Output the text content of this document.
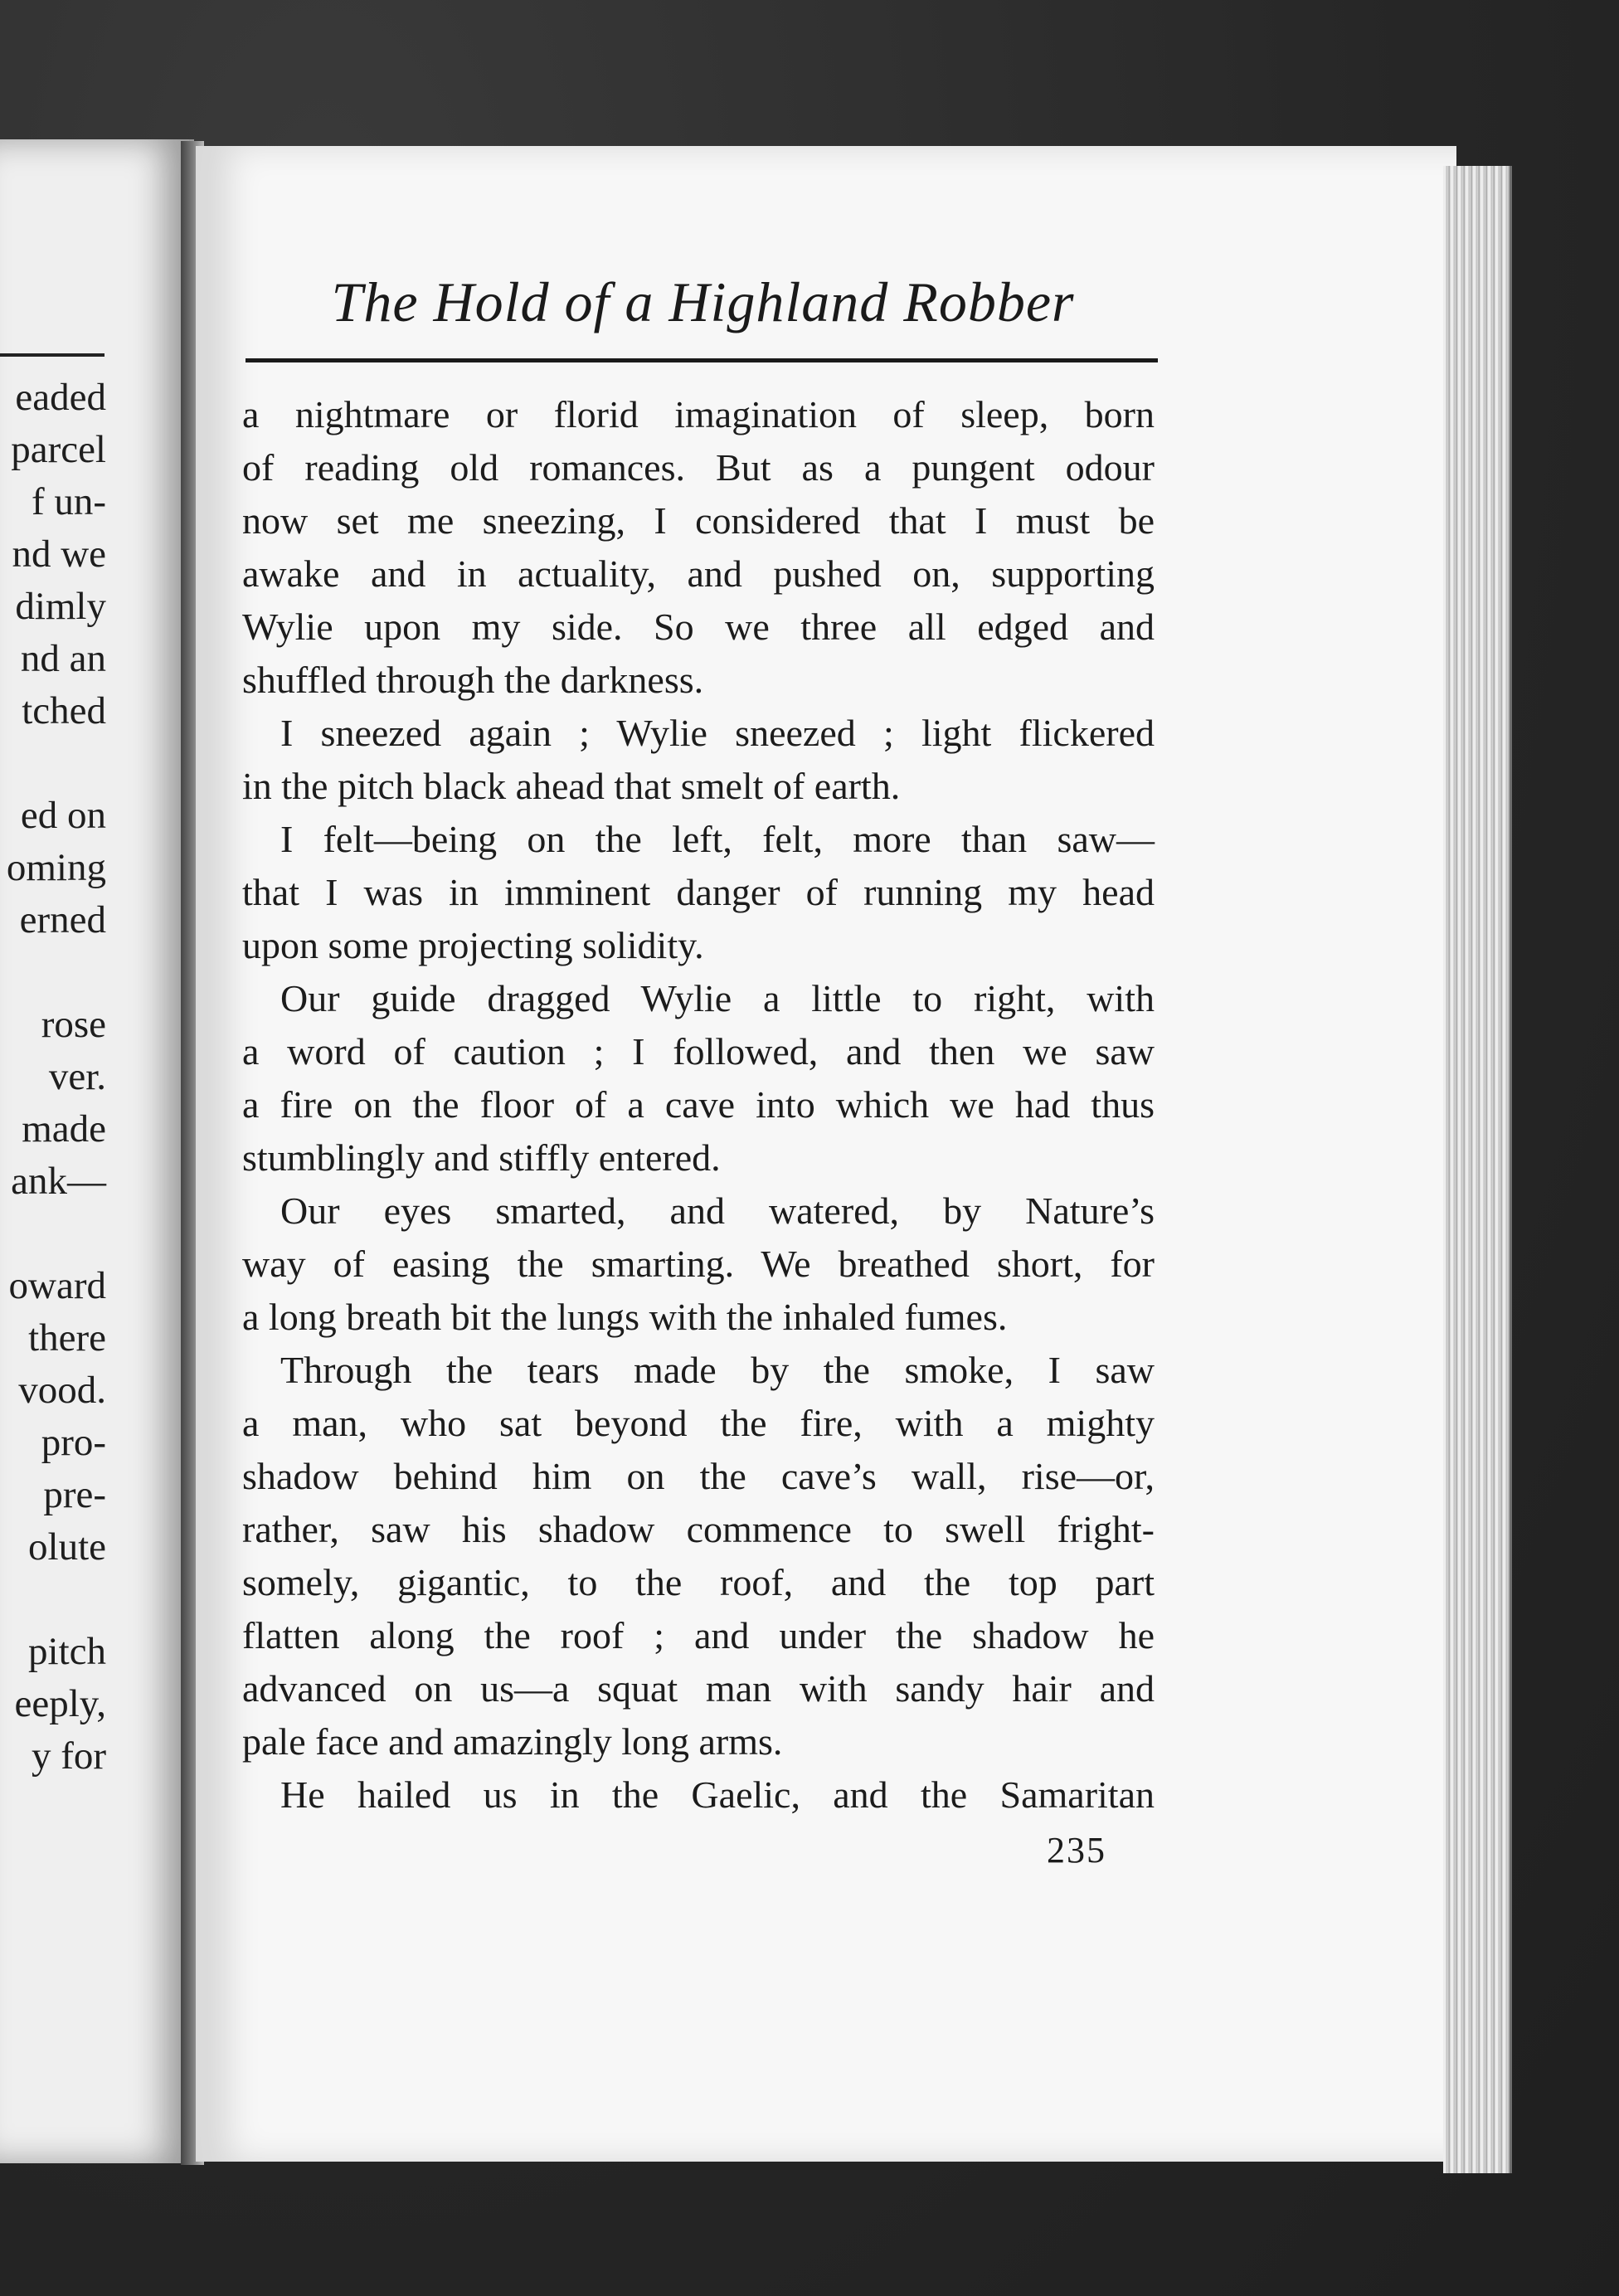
eaded
parcel
f un-
nd we
dimly
nd an
tched
ed on
oming
erned
rose
ver.
made
ank—
oward
there
vood.
pro-
pre-
olute
pitch
eeply,
y for
The Hold of a Highland Robber
a nightmare or florid imagination of sleep, born
of reading old romances. But as a pungent odour
now set me sneezing, I considered that I must be
awake and in actuality, and pushed on, supporting
Wylie upon my side. So we three all edged and
shuffled through the darkness.
I sneezed again ; Wylie sneezed ; light flickered
in the pitch black ahead that smelt of earth.
I felt—being on the left, felt, more than saw—
that I was in imminent danger of running my head
upon some projecting solidity.
Our guide dragged Wylie a little to right, with
a word of caution ; I followed, and then we saw
a fire on the floor of a cave into which we had thus
stumblingly and stiffly entered.
Our eyes smarted, and watered, by Nature’s
way of easing the smarting. We breathed short, for
a long breath bit the lungs with the inhaled fumes.
Through the tears made by the smoke, I saw
a man, who sat beyond the fire, with a mighty
shadow behind him on the cave’s wall, rise—or,
rather, saw his shadow commence to swell fright-
somely, gigantic, to the roof, and the top part
flatten along the roof ; and under the shadow he
advanced on us—a squat man with sandy hair and
pale face and amazingly long arms.
He hailed us in the Gaelic, and the Samaritan
235
